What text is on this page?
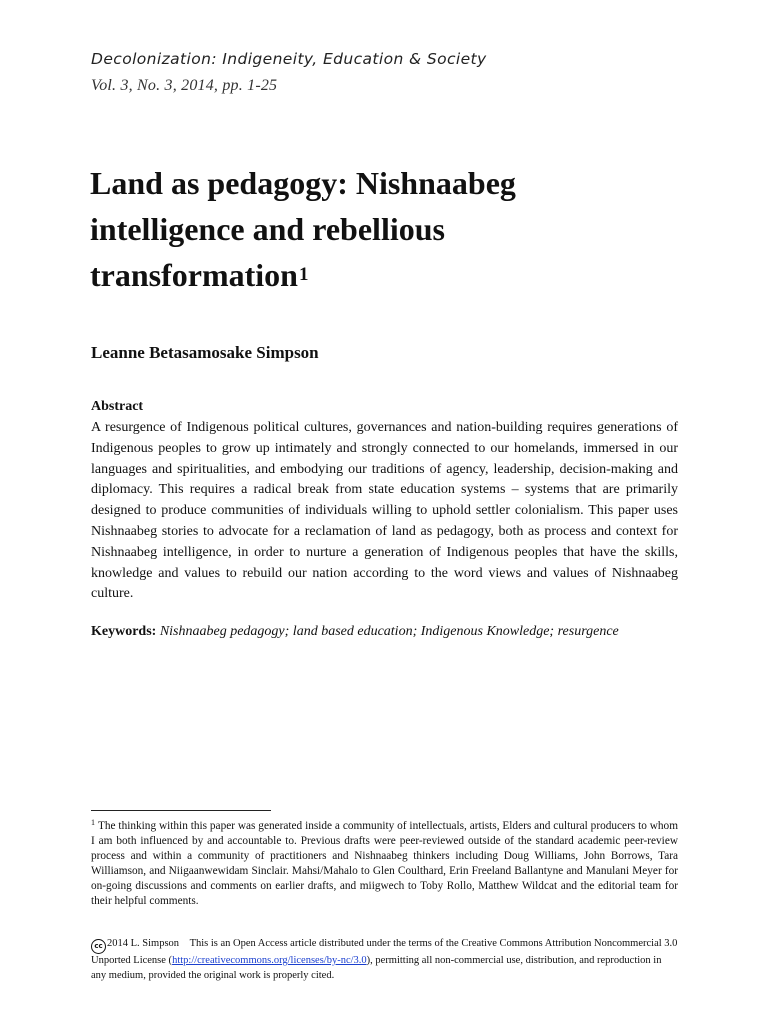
Decolonization: Indigeneity, Education & Society
Vol. 3, No. 3, 2014, pp. 1-25
Land as pedagogy: Nishnaabeg
intelligence and rebellious
transformation$^1$
Leanne Betasamosake Simpson
Abstract
A resurgence of Indigenous political cultures, governances and nation-building requires generations of Indigenous peoples to grow up intimately and strongly connected to our homelands, immersed in our languages and spiritualities, and embodying our traditions of agency, leadership, decision-making and diplomacy. This requires a radical break from state education systems – systems that are primarily designed to produce communities of individuals willing to uphold settler colonialism. This paper uses Nishnaabeg stories to advocate for a reclamation of land as pedagogy, both as process and context for Nishnaabeg intelligence, in order to nurture a generation of Indigenous peoples that have the skills, knowledge and values to rebuild our nation according to the word views and values of Nishnaabeg culture.
Keywords: Nishnaabeg pedagogy; land based education; Indigenous Knowledge; resurgence
$^1$ The thinking within this paper was generated inside a community of intellectuals, artists, Elders and cultural producers to whom I am both influenced by and accountable to. Previous drafts were peer-reviewed outside of the standard academic peer-review process and within a community of practitioners and Nishnaabeg thinkers including Doug Williams, John Borrows, Tara Williamson, and Niigaanwewidam Sinclair. Mahsi/Mahalo to Glen Coulthard, Erin Freeland Ballantyne and Manulani Meyer for on-going discussions and comments on earlier drafts, and miigwech to Toby Rollo, Matthew Wildcat and the editorial team for their helpful comments.
cc 2014 L. Simpson This is an Open Access article distributed under the terms of the Creative Commons Attribution Noncommercial 3.0 Unported License (http://creativecommons.org/licenses/by-nc/3.0), permitting all non-commercial use, distribution, and reproduction in any medium, provided the original work is properly cited.
